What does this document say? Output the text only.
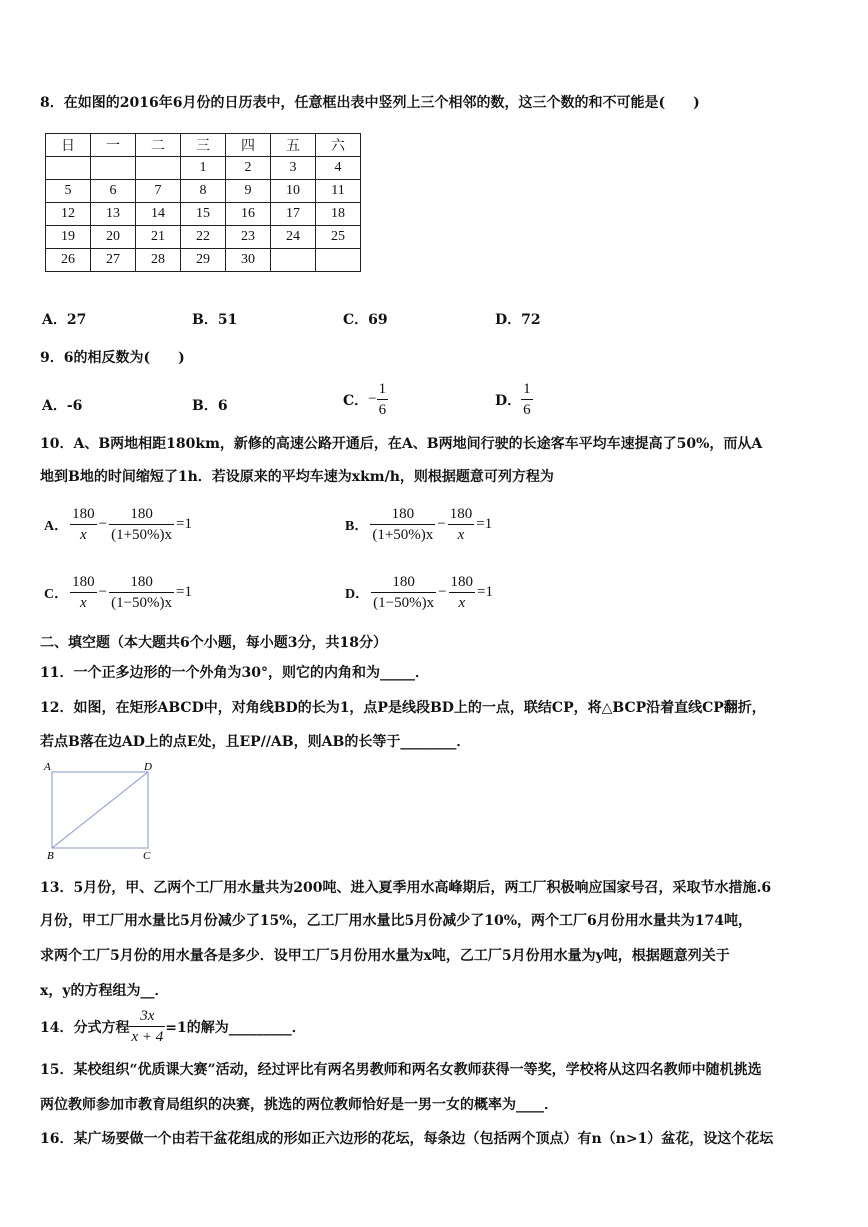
8．在如图的2016年6月份的日历表中，任意框出表中竖列上三个相邻的数，这三个数的和不可能是(　　)
日	一	二	三	四	五	六
			1	2	3	4
5	6	7	8	9	10	11
12	13	14	15	16	17	18
19	20	21	22	23	24	25
26	27	28	29	30		
A．27	B．51	C．69	D．72
9．6的相反数为(　　)
A．-6	B．6	C．− $\frac{1}{6}$	D． $\frac{1}{6}$
10．A、B两地相距180km，新修的高速公路开通后，在A、B两地间行驶的长途客车平均车速提高了50%，而从A
地到B地的时间缩短了1h．若设原来的平均车速为xkm/h，则根据题意可列方程为
A． $\frac{180}{x} - \frac{180}{(1+50\%)x} =1$	B． $\frac{180}{(1+50\%)x} - \frac{180}{x} =1$
C． $\frac{180}{x} - \frac{180}{(1-50\%)x} =1$	D． $\frac{180}{(1-50\%)x} - \frac{180}{x} =1$
二、填空题（本大题共6个小题，每小题3分，共18分）
11．一个正多边形的一个外角为30°，则它的内角和为_____．
12．如图，在矩形ABCD中，对角线BD的长为1，点P是线段BD上的一点，联结CP，将△BCP沿着直线CP翻折，
若点B落在边AD上的点E处，且EP//AB，则AB的长等于________．
A	D
B	C
13．5月份，甲、乙两个工厂用水量共为200吨、进入夏季用水高峰期后，两工厂积极响应国家号召，采取节水措施.6
月份，甲工厂用水量比5月份减少了15%，乙工厂用水量比5月份减少了10%，两个工厂6月份用水量共为174吨，
求两个工厂5月份的用水量各是多少．设甲工厂5月份用水量为x吨，乙工厂5月份用水量为y吨，根据题意列关于
x，y的方程组为__．
14．分式方程 $\frac{3x}{x + 4} =1$的解为_________．
15．某校组织“优质课大赛”活动，经过评比有两名男教师和两名女教师获得一等奖，学校将从这四名教师中随机挑选
两位教师参加市教育局组织的决赛，挑选的两位教师恰好是一男一女的概率为____．
16．某广场要做一个由若干盆花组成的形如正六边形的花坛，每条边（包括两个顶点）有n（n>1）盆花，设这个花坛
